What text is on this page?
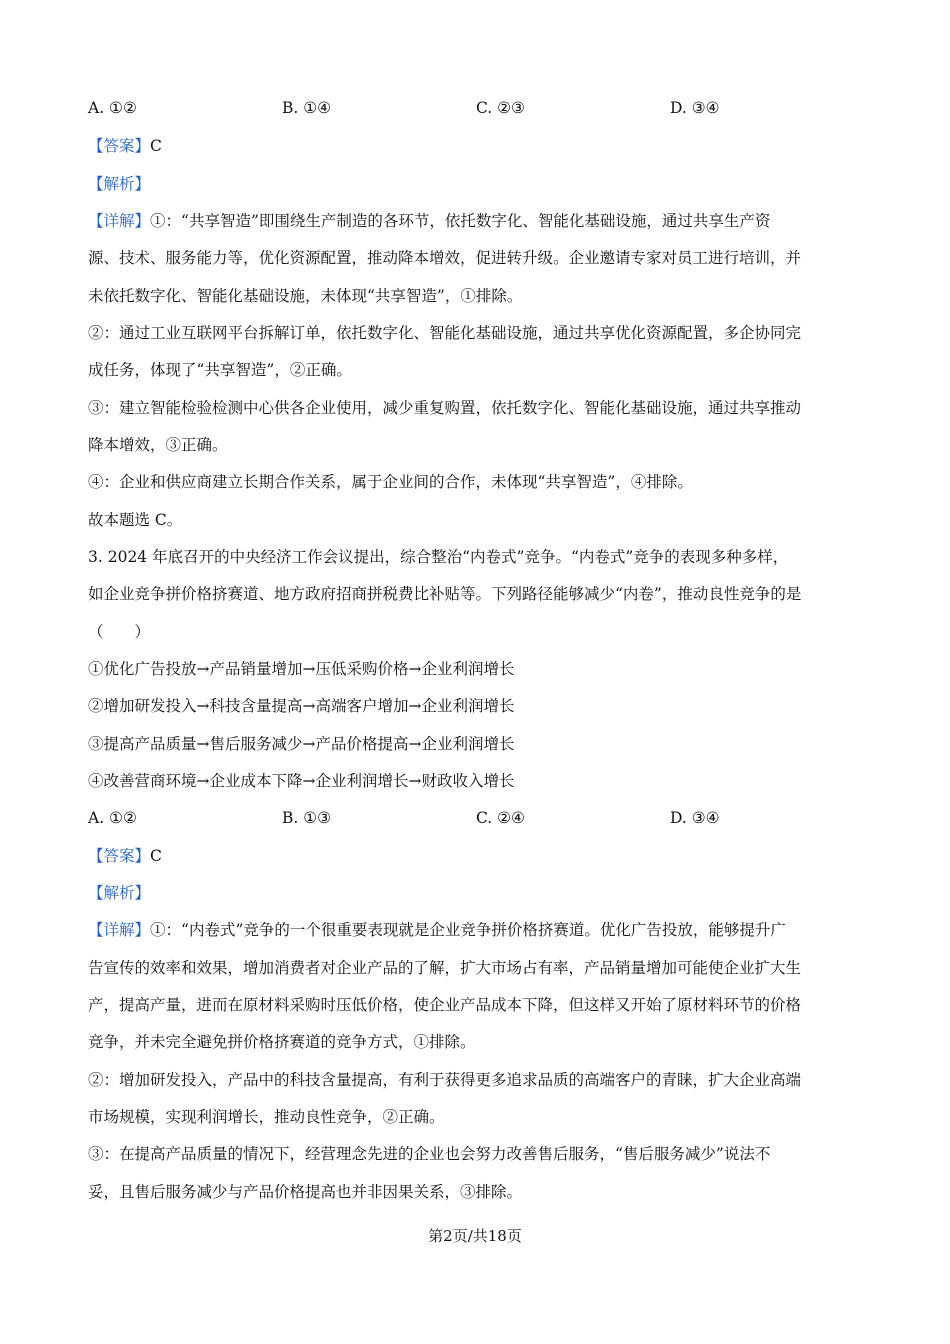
A. ①②	B. ①④	C. ②③	D. ③④
【答案】C
【解析】
【详解】①：“共享智造”即围绕生产制造的各环节，依托数字化、智能化基础设施，通过共享生产资
源、技术、服务能力等，优化资源配置，推动降本增效，促进转升级。企业邀请专家对员工进行培训，并
未依托数字化、智能化基础设施，未体现“共享智造”，①排除。
②：通过工业互联网平台拆解订单，依托数字化、智能化基础设施，通过共享优化资源配置，多企协同完
成任务，体现了“共享智造”，②正确。
③：建立智能检验检测中心供各企业使用，减少重复购置，依托数字化、智能化基础设施，通过共享推动
降本增效，③正确。
④：企业和供应商建立长期合作关系，属于企业间的合作，未体现“共享智造”，④排除。
故本题选 C。
3. 2024 年底召开的中央经济工作会议提出，综合整治“内卷式”竞争。“内卷式”竞争的表现多种多样，
如企业竞争拼价格挤赛道、地方政府招商拼税费比补贴等。下列路径能够减少“内卷”，推动良性竞争的是
（　　）
①优化广告投放→产品销量增加→压低采购价格→企业利润增长
②增加研发投入→科技含量提高→高端客户增加→企业利润增长
③提高产品质量→售后服务减少→产品价格提高→企业利润增长
④改善营商环境→企业成本下降→企业利润增长→财政收入增长
A. ①②	B. ①③	C. ②④	D. ③④
【答案】C
【解析】
【详解】①：“内卷式”竞争的一个很重要表现就是企业竞争拼价格挤赛道。优化广告投放，能够提升广
告宣传的效率和效果，增加消费者对企业产品的了解，扩大市场占有率，产品销量增加可能使企业扩大生
产，提高产量，进而在原材料采购时压低价格，使企业产品成本下降，但这样又开始了原材料环节的价格
竞争，并未完全避免拼价格挤赛道的竞争方式，①排除。
②：增加研发投入，产品中的科技含量提高，有利于获得更多追求品质的高端客户的青睐，扩大企业高端
市场规模，实现利润增长，推动良性竞争，②正确。
③：在提高产品质量的情况下，经营理念先进的企业也会努力改善售后服务，“售后服务减少”说法不
妥，且售后服务减少与产品价格提高也并非因果关系，③排除。
第2页/共18页
